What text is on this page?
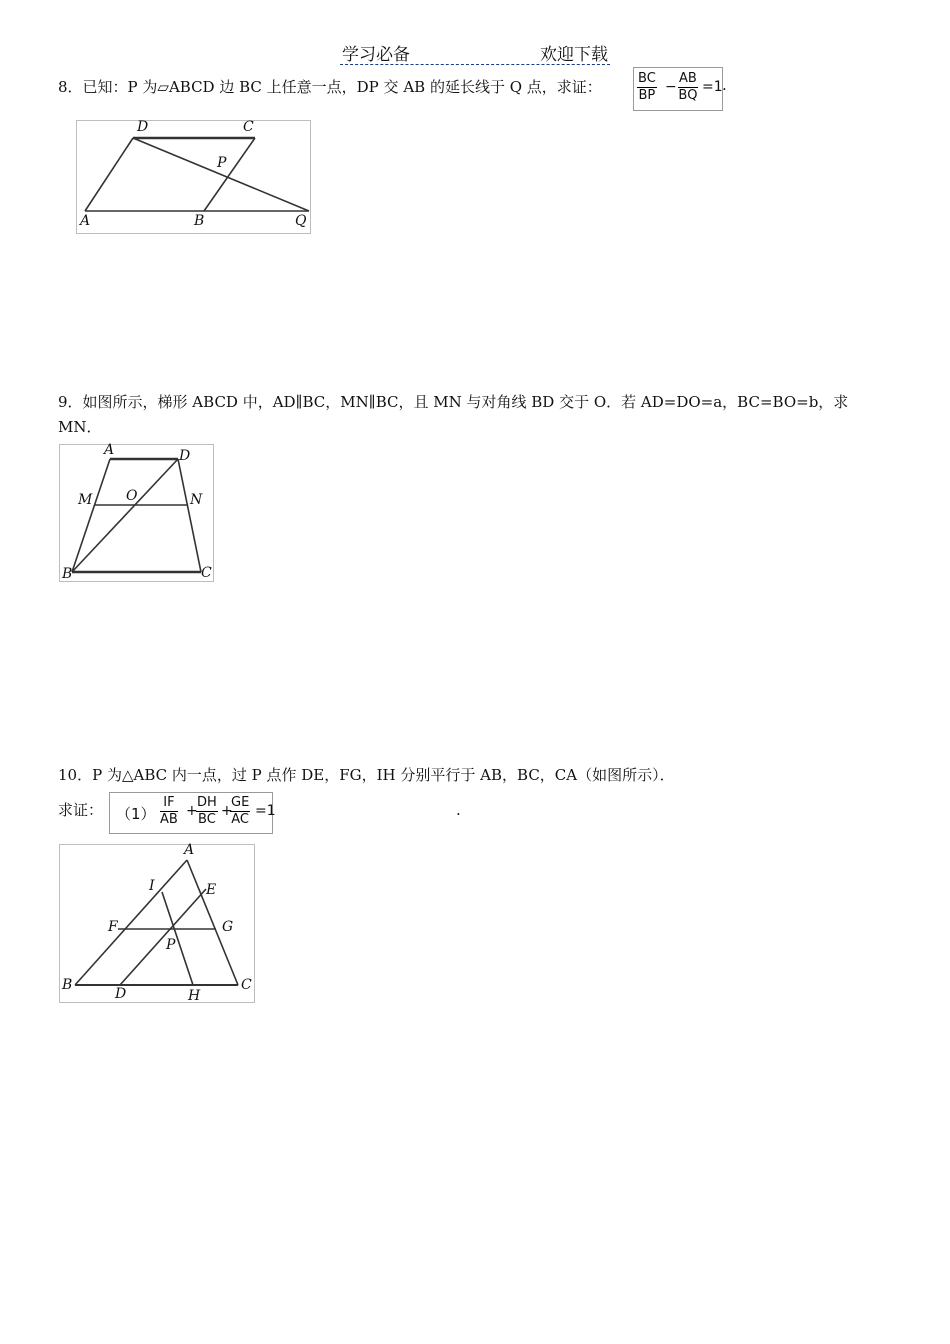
学习必备	欢迎下载
8．已知：P 为▱ABCD 边 BC 上任意一点，DP 交 AB 的延长线于 Q 点，求证：	$\frac{BC}{BP} - \frac{AB}{BQ} =1$ .
D	C
P
A	B	Q
9．如图所示，梯形 ABCD 中，AD∥BC，MN∥BC，且 MN 与对角线 BD 交于 O．若 AD=DO=a，BC=BO=b，求
MN．
A	D
M O	N
B	C
10．P 为△ABC 内一点，过 P 点作 DE，FG，IH 分别平行于 AB，BC，CA（如图所示）．
求证： $(1) \frac{IF}{AB}$ +
$\frac{DH}{BC}$ +
$\frac{GE}{AC} =1$	.
A
I	E
F	G
P
B
D	H
C
